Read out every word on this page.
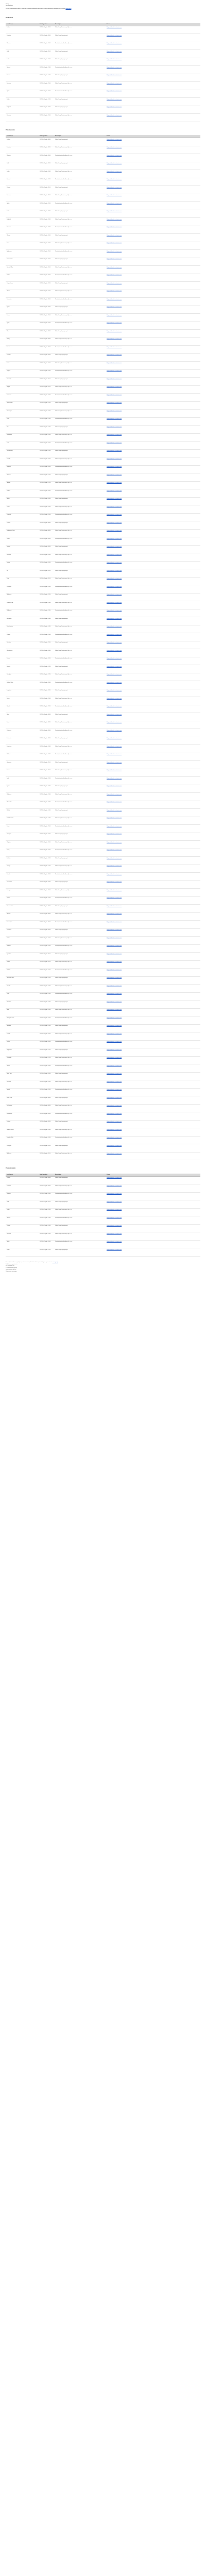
Strony
Sprawozdania
Poniżej przedstawiono tabelę z terminami i nazwami podmiotów właściwych, której aktualizacja dostępna jest na stronie www.gov.pl
Rozliczenia
Lokalizacja	Data / godzina	Beneficjent	Pozwa
Kraków	2023-05-10 godz. 08:00	Zakład Usług Technicznych Sp. z o.o.	Nieprawidłowość na stronie www
Katowice	2023-05-10 godz. 09:00	Zakład Usług Logistycznych	Nieprawidłowość na stronie www
Wrocław	2023-05-10 godz. 10:00	Przedsiębiorstwo Handlowe Sp. z o.o.	Nieprawidłowość na stronie www
Łódź	2023-05-10 godz. 11:00	Zakład Usług Logistycznych	Nieprawidłowość na stronie www
Lublin	2023-05-10 godz. 12:00	Zakład Usług Logistycznych	Nieprawidłowość na stronie www
Gdańsk	2023-05-10 godz. 13:00	Przedsiębiorstwo Handlowe Sp. z o.o.	Nieprawidłowość na stronie www
Poznań	2023-05-10 godz. 14:00	Zakład Usług Logistycznych	Nieprawidłowość na stronie www
Szczecin	2023-05-10 godz. 15:00	Zakład Usług Technicznych Sp. z o.o.	Nieprawidłowość na stronie www
Opole	2023-05-10 godz. 16:00	Przedsiębiorstwo Handlowe Sp. z o.o.	Nieprawidłowość na stronie www
Kielce	2023-05-10 godz. 17:00	Zakład Usług Logistycznych	Nieprawidłowość na stronie www
Białystok	2023-05-10 godz. 18:00	Zakład Usług Logistycznych	Nieprawidłowość na stronie www
Rzeszów	2023-05-10 godz. 19:00	Zakład Usług Technicznych Sp. z o.o.	Nieprawidłowość na stronie www
Przeznaczenie
Lokalizacja	Data / godzina	Beneficjent	Pozwa
Kraków	2023-05-11 godz. 08:00	Zakład Usług Logistycznych	Nieprawidłowość na stronie www
Katowice	2023-05-11 godz. 08:30	Zakład Usług Technicznych Sp. z o.o.	Nieprawidłowość na stronie www
Wrocław	2023-05-11 godz. 09:00	Przedsiębiorstwo Handlowe Sp. z o.o.	Nieprawidłowość na stronie www
Łódź	2023-05-11 godz. 09:30	Zakład Usług Logistycznych	Nieprawidłowość na stronie www
Lublin	2023-05-11 godz. 10:00	Zakład Usług Technicznych Sp. z o.o.	Nieprawidłowość na stronie www
Gdańsk	2023-05-11 godz. 10:30	Przedsiębiorstwo Handlowe Sp. z o.o.	Nieprawidłowość na stronie www
Poznań	2023-05-11 godz. 11:00	Zakład Usług Logistycznych	Nieprawidłowość na stronie www
Szczecin	2023-05-11 godz. 11:30	Zakład Usług Technicznych Sp. z o.o.	Nieprawidłowość na stronie www
Opole	2023-05-11 godz. 12:00	Przedsiębiorstwo Handlowe Sp. z o.o.	Nieprawidłowość na stronie www
Kielce	2023-05-11 godz. 12:30	Zakład Usług Logistycznych	Nieprawidłowość na stronie www
Białystok	2023-05-11 godz. 13:00	Zakład Usług Technicznych Sp. z o.o.	Nieprawidłowość na stronie www
Rzeszów	2023-05-11 godz. 13:30	Przedsiębiorstwo Handlowe Sp. z o.o.	Nieprawidłowość na stronie www
Olsztyn	2023-05-11 godz. 14:00	Zakład Usług Logistycznych	Nieprawidłowość na stronie www
Toruń	2023-05-11 godz. 14:30	Zakład Usług Technicznych Sp. z o.o.	Nieprawidłowość na stronie www
Bydgoszcz	2023-05-11 godz. 15:00	Przedsiębiorstwo Handlowe Sp. z o.o.	Nieprawidłowość na stronie www
Zielona Góra	2023-05-11 godz. 15:30	Zakład Usług Logistycznych	Nieprawidłowość na stronie www
Gorzów Wlkp.	2023-05-11 godz. 16:00	Zakład Usług Technicznych Sp. z o.o.	Nieprawidłowość na stronie www
Radom	2023-05-11 godz. 16:30	Przedsiębiorstwo Handlowe Sp. z o.o.	Nieprawidłowość na stronie www
Częstochowa	2023-05-11 godz. 17:00	Zakład Usług Logistycznych	Nieprawidłowość na stronie www
Gliwice	2023-05-11 godz. 17:30	Zakład Usług Technicznych Sp. z o.o.	Nieprawidłowość na stronie www
Sosnowiec	2023-05-11 godz. 18:00	Przedsiębiorstwo Handlowe Sp. z o.o.	Nieprawidłowość na stronie www
Bytom	2023-05-11 godz. 18:30	Zakład Usług Logistycznych	Nieprawidłowość na stronie www
Zabrze	2023-05-11 godz. 19:00	Zakład Usług Technicznych Sp. z o.o.	Nieprawidłowość na stronie www
Tychy	2023-05-11 godz. 19:30	Przedsiębiorstwo Handlowe Sp. z o.o.	Nieprawidłowość na stronie www
Płock	2023-05-12 godz. 08:00	Zakład Usług Logistycznych	Nieprawidłowość na stronie www
Elbląg	2023-05-12 godz. 08:30	Zakład Usług Technicznych Sp. z o.o.	Nieprawidłowość na stronie www
Tarnów	2023-05-12 godz. 09:00	Przedsiębiorstwo Handlowe Sp. z o.o.	Nieprawidłowość na stronie www
Koszalin	2023-05-12 godz. 09:30	Zakład Usług Logistycznych	Nieprawidłowość na stronie www
Kalisz	2023-05-12 godz. 10:00	Zakład Usług Technicznych Sp. z o.o.	Nieprawidłowość na stronie www
Legnica	2023-05-12 godz. 10:30	Przedsiębiorstwo Handlowe Sp. z o.o.	Nieprawidłowość na stronie www
Grudziądz	2023-05-12 godz. 11:00	Zakład Usług Logistycznych	Nieprawidłowość na stronie www
Słupsk	2023-05-12 godz. 11:30	Zakład Usług Technicznych Sp. z o.o.	Nieprawidłowość na stronie www
Jaworzno	2023-05-12 godz. 12:00	Przedsiębiorstwo Handlowe Sp. z o.o.	Nieprawidłowość na stronie www
Jelenia Góra	2023-05-12 godz. 12:30	Zakład Usług Logistycznych	Nieprawidłowość na stronie www
Nowy Sącz	2023-05-12 godz. 13:00	Zakład Usług Technicznych Sp. z o.o.	Nieprawidłowość na stronie www
Konin	2023-05-12 godz. 13:30	Przedsiębiorstwo Handlowe Sp. z o.o.	Nieprawidłowość na stronie www
Piła	2023-05-12 godz. 14:00	Zakład Usług Logistycznych	Nieprawidłowość na stronie www
Inowrocław	2023-05-12 godz. 14:30	Zakład Usług Technicznych Sp. z o.o.	Nieprawidłowość na stronie www
Lubin	2023-05-12 godz. 15:00	Przedsiębiorstwo Handlowe Sp. z o.o.	Nieprawidłowość na stronie www
Ostrów Wlkp.	2023-05-12 godz. 15:30	Zakład Usług Logistycznych	Nieprawidłowość na stronie www
Suwałki	2023-05-12 godz. 16:00	Zakład Usług Technicznych Sp. z o.o.	Nieprawidłowość na stronie www
Stargard	2023-05-12 godz. 16:30	Przedsiębiorstwo Handlowe Sp. z o.o.	Nieprawidłowość na stronie www
Gniezno	2023-05-12 godz. 17:00	Zakład Usług Logistycznych	Nieprawidłowość na stronie www
Głogów	2023-05-12 godz. 17:30	Zakład Usług Technicznych Sp. z o.o.	Nieprawidłowość na stronie www
Siedlce	2023-05-12 godz. 18:00	Przedsiębiorstwo Handlowe Sp. z o.o.	Nieprawidłowość na stronie www
Mielec	2023-05-12 godz. 18:30	Zakład Usług Logistycznych	Nieprawidłowość na stronie www
Tczew	2023-05-12 godz. 19:00	Zakład Usług Technicznych Sp. z o.o.	Nieprawidłowość na stronie www
Przemyśl	2023-05-12 godz. 19:30	Przedsiębiorstwo Handlowe Sp. z o.o.	Nieprawidłowość na stronie www
Zamość	2023-05-13 godz. 08:00	Zakład Usług Logistycznych	Nieprawidłowość na stronie www
Kędzierzyn-Koźle	2023-05-13 godz. 08:30	Zakład Usług Technicznych Sp. z o.o.	Nieprawidłowość na stronie www
Chełm	2023-05-13 godz. 09:00	Przedsiębiorstwo Handlowe Sp. z o.o.	Nieprawidłowość na stronie www
Leszno	2023-05-13 godz. 09:30	Zakład Usług Logistycznych	Nieprawidłowość na stronie www
Świdnica	2023-05-13 godz. 10:00	Zakład Usług Technicznych Sp. z o.o.	Nieprawidłowość na stronie www
Łomża	2023-05-13 godz. 10:30	Przedsiębiorstwo Handlowe Sp. z o.o.	Nieprawidłowość na stronie www
Ełk	2023-05-13 godz. 11:00	Zakład Usług Logistycznych	Nieprawidłowość na stronie www
Żory	2023-05-13 godz. 11:30	Zakład Usług Technicznych Sp. z o.o.	Nieprawidłowość na stronie www
Pruszków	2023-05-13 godz. 12:00	Przedsiębiorstwo Handlowe Sp. z o.o.	Nieprawidłowość na stronie www
Mysłowice	2023-05-13 godz. 12:30	Zakład Usług Logistycznych	Nieprawidłowość na stronie www
Piotrków Tryb.	2023-05-13 godz. 13:00	Zakład Usług Technicznych Sp. z o.o.	Nieprawidłowość na stronie www
Wałbrzych	2023-05-13 godz. 13:30	Przedsiębiorstwo Handlowe Sp. z o.o.	Nieprawidłowość na stronie www
Bełchatów	2023-05-13 godz. 14:00	Zakład Usług Logistycznych	Nieprawidłowość na stronie www
Starachowice	2023-05-13 godz. 14:30	Zakład Usług Technicznych Sp. z o.o.	Nieprawidłowość na stronie www
Puławy	2023-05-13 godz. 15:00	Przedsiębiorstwo Handlowe Sp. z o.o.	Nieprawidłowość na stronie www
Racibórz	2023-05-13 godz. 15:30	Zakład Usług Logistycznych	Nieprawidłowość na stronie www
Skierniewice	2023-05-13 godz. 16:00	Zakład Usług Technicznych Sp. z o.o.	Nieprawidłowość na stronie www
Krosno	2023-05-13 godz. 16:30	Przedsiębiorstwo Handlowe Sp. z o.o.	Nieprawidłowość na stronie www
Świecie	2023-05-13 godz. 17:00	Zakład Usług Logistycznych	Nieprawidłowość na stronie www
Ostrołęka	2023-05-13 godz. 17:30	Zakład Usług Technicznych Sp. z o.o.	Nieprawidłowość na stronie www
Stalowa Wola	2023-05-13 godz. 18:00	Przedsiębiorstwo Handlowe Sp. z o.o.	Nieprawidłowość na stronie www
Augustów	2023-05-13 godz. 18:30	Zakład Usług Logistycznych	Nieprawidłowość na stronie www
Zgierz	2023-05-13 godz. 19:00	Zakład Usług Technicznych Sp. z o.o.	Nieprawidłowość na stronie www
Otwock	2023-05-13 godz. 19:30	Przedsiębiorstwo Handlowe Sp. z o.o.	Nieprawidłowość na stronie www
Nysa	2023-05-14 godz. 08:00	Zakład Usług Logistycznych	Nieprawidłowość na stronie www
Sopot	2023-05-14 godz. 08:30	Zakład Usług Technicznych Sp. z o.o.	Nieprawidłowość na stronie www
Pabianice	2023-05-14 godz. 09:00	Przedsiębiorstwo Handlowe Sp. z o.o.	Nieprawidłowość na stronie www
Zawiercie	2023-05-14 godz. 09:30	Zakład Usług Logistycznych	Nieprawidłowość na stronie www
Kołobrzeg	2023-05-14 godz. 10:00	Zakład Usług Technicznych Sp. z o.o.	Nieprawidłowość na stronie www
Malbork	2023-05-14 godz. 10:30	Przedsiębiorstwo Handlowe Sp. z o.o.	Nieprawidłowość na stronie www
Hajnówka	2023-05-14 godz. 11:00	Zakład Usług Logistycznych	Nieprawidłowość na stronie www
Sanok	2023-05-14 godz. 11:30	Zakład Usług Technicznych Sp. z o.o.	Nieprawidłowość na stronie www
Jasło	2023-05-14 godz. 12:00	Przedsiębiorstwo Handlowe Sp. z o.o.	Nieprawidłowość na stronie www
Żywiec	2023-05-14 godz. 12:30	Zakład Usług Logistycznych	Nieprawidłowość na stronie www
Wadowice	2023-05-14 godz. 13:00	Zakład Usług Technicznych Sp. z o.o.	Nieprawidłowość na stronie www
Mińsk Maz.	2023-05-14 godz. 13:30	Przedsiębiorstwo Handlowe Sp. z o.o.	Nieprawidłowość na stronie www
Wieluń	2023-05-14 godz. 14:00	Zakład Usług Logistycznych	Nieprawidłowość na stronie www
Biała Podlaska	2023-05-14 godz. 14:30	Zakład Usług Technicznych Sp. z o.o.	Nieprawidłowość na stronie www
Kutno	2023-05-14 godz. 15:00	Przedsiębiorstwo Handlowe Sp. z o.o.	Nieprawidłowość na stronie www
Oświęcim	2023-05-14 godz. 15:30	Zakład Usług Logistycznych	Nieprawidłowość na stronie www
Chojnice	2023-05-14 godz. 16:00	Zakład Usług Technicznych Sp. z o.o.	Nieprawidłowość na stronie www
Brzeg	2023-05-14 godz. 16:30	Przedsiębiorstwo Handlowe Sp. z o.o.	Nieprawidłowość na stronie www
Bochnia	2023-05-14 godz. 17:00	Zakład Usług Logistycznych	Nieprawidłowość na stronie www
Cieszyn	2023-05-14 godz. 17:30	Zakład Usług Technicznych Sp. z o.o.	Nieprawidłowość na stronie www
Sieradz	2023-05-14 godz. 18:00	Przedsiębiorstwo Handlowe Sp. z o.o.	Nieprawidłowość na stronie www
Ciechanów	2023-05-14 godz. 18:30	Zakład Usług Logistycznych	Nieprawidłowość na stronie www
Kwidzyn	2023-05-14 godz. 19:00	Zakład Usług Technicznych Sp. z o.o.	Nieprawidłowość na stronie www
Dębica	2023-05-14 godz. 19:30	Przedsiębiorstwo Handlowe Sp. z o.o.	Nieprawidłowość na stronie www
Ostrowiec Św.	2023-05-15 godz. 08:00	Zakład Usług Logistycznych	Nieprawidłowość na stronie www
Mikołów	2023-05-15 godz. 08:30	Zakład Usług Technicznych Sp. z o.o.	Nieprawidłowość na stronie www
Świnoujście	2023-05-15 godz. 09:00	Przedsiębiorstwo Handlowe Sp. z o.o.	Nieprawidłowość na stronie www
Zakopane	2023-05-15 godz. 09:30	Zakład Usług Logistycznych	Nieprawidłowość na stronie www
Gorlice	2023-05-15 godz. 10:00	Zakład Usług Technicznych Sp. z o.o.	Nieprawidłowość na stronie www
Wołomin	2023-05-15 godz. 10:30	Przedsiębiorstwo Handlowe Sp. z o.o.	Nieprawidłowość na stronie www
Żyrardów	2023-05-15 godz. 11:00	Zakład Usług Logistycznych	Nieprawidłowość na stronie www
Łowicz	2023-05-15 godz. 11:30	Zakład Usług Technicznych Sp. z o.o.	Nieprawidłowość na stronie www
Kłodzko	2023-05-15 godz. 12:00	Przedsiębiorstwo Handlowe Sp. z o.o.	Nieprawidłowość na stronie www
Tomaszów Maz.	2023-05-15 godz. 12:30	Zakład Usług Logistycznych	Nieprawidłowość na stronie www
Ostróda	2023-05-15 godz. 13:00	Zakład Usług Technicznych Sp. z o.o.	Nieprawidłowość na stronie www
Turek	2023-05-15 godz. 13:30	Przedsiębiorstwo Handlowe Sp. z o.o.	Nieprawidłowość na stronie www
Września	2023-05-15 godz. 14:00	Zakład Usług Logistycznych	Nieprawidłowość na stronie www
Iława	2023-05-15 godz. 14:30	Zakład Usług Technicznych Sp. z o.o.	Nieprawidłowość na stronie www
Skarżysko-Kam.	2023-05-15 godz. 15:00	Przedsiębiorstwo Handlowe Sp. z o.o.	Nieprawidłowość na stronie www
Jarosław	2023-05-15 godz. 15:30	Zakład Usług Logistycznych	Nieprawidłowość na stronie www
Kraśnik	2023-05-15 godz. 16:00	Zakład Usług Technicznych Sp. z o.o.	Nieprawidłowość na stronie www
Łuków	2023-05-15 godz. 16:30	Przedsiębiorstwo Handlowe Sp. z o.o.	Nieprawidłowość na stronie www
Wągrowiec	2023-05-15 godz. 17:00	Zakład Usług Logistycznych	Nieprawidłowość na stronie www
Chrzanów	2023-05-15 godz. 17:30	Zakład Usług Technicznych Sp. z o.o.	Nieprawidłowość na stronie www
Olkusz	2023-05-15 godz. 18:00	Przedsiębiorstwo Handlowe Sp. z o.o.	Nieprawidłowość na stronie www
Nowy Targ	2023-05-15 godz. 18:30	Zakład Usług Logistycznych	Nieprawidłowość na stronie www
Szczytno	2023-05-15 godz. 19:00	Zakład Usług Technicznych Sp. z o.o.	Nieprawidłowość na stronie www
Lębork	2023-05-15 godz. 19:30	Przedsiębiorstwo Handlowe Sp. z o.o.	Nieprawidłowość na stronie www
Bielsk Podl.	2023-05-16 godz. 08:00	Zakład Usług Logistycznych	Nieprawidłowość na stronie www
Sochaczew	2023-05-16 godz. 08:30	Zakład Usług Technicznych Sp. z o.o.	Nieprawidłowość na stronie www
Bolesławiec	2023-05-16 godz. 09:00	Przedsiębiorstwo Handlowe Sp. z o.o.	Nieprawidłowość na stronie www
Kościan	2023-05-16 godz. 09:30	Zakład Usług Logistycznych	Nieprawidłowość na stronie www
Lidzbark Warm.	2023-05-16 godz. 10:00	Zakład Usług Technicznych Sp. z o.o.	Nieprawidłowość na stronie www
Zduńska Wola	2023-05-16 godz. 10:30	Przedsiębiorstwo Handlowe Sp. z o.o.	Nieprawidłowość na stronie www
Pszczyna	2023-05-16 godz. 11:00	Zakład Usług Logistycznych	Nieprawidłowość na stronie www
Myślenice	2023-05-16 godz. 11:30	Zakład Usług Technicznych Sp. z o.o.	Nieprawidłowość na stronie www
Podsumowanie
Lokalizacja	Data / godzina	Beneficjent	Pozwa
Kraków	2023-05-17 godz. 08:00	Zakład Usług Logistycznych	Nieprawidłowość na stronie www
Katowice	2023-05-17 godz. 09:00	Zakład Usług Technicznych Sp. z o.o.	Nieprawidłowość na stronie www
Wrocław	2023-05-17 godz. 10:00	Przedsiębiorstwo Handlowe Sp. z o.o.	Nieprawidłowość na stronie www
Łódź	2023-05-17 godz. 11:00	Zakład Usług Logistycznych	Nieprawidłowość na stronie www
Lublin	2023-05-17 godz. 12:00	Zakład Usług Technicznych Sp. z o.o.	Nieprawidłowość na stronie www
Gdańsk	2023-05-17 godz. 13:00	Przedsiębiorstwo Handlowe Sp. z o.o.	Nieprawidłowość na stronie www
Poznań	2023-05-17 godz. 14:00	Zakład Usług Logistycznych	Nieprawidłowość na stronie www
Szczecin	2023-05-17 godz. 15:00	Zakład Usług Technicznych Sp. z o.o.	Nieprawidłowość na stronie www
Opole	2023-05-17 godz. 16:00	Przedsiębiorstwo Handlowe Sp. z o.o.	Nieprawidłowość na stronie www
Kielce	2023-05-17 godz. 17:00	Zakład Usług Logistycznych	Nieprawidłowość na stronie www
Szczegółowe informacje dotyczące terminów i podmiotów właściwych dostępne są na stronie www.gov.pl
Dodatkowe wyjaśnienia
tel. 22 000 00 00
e-mail: kontakt@gov.pl
Opracowanie własne
Dziękujemy za uwagę
